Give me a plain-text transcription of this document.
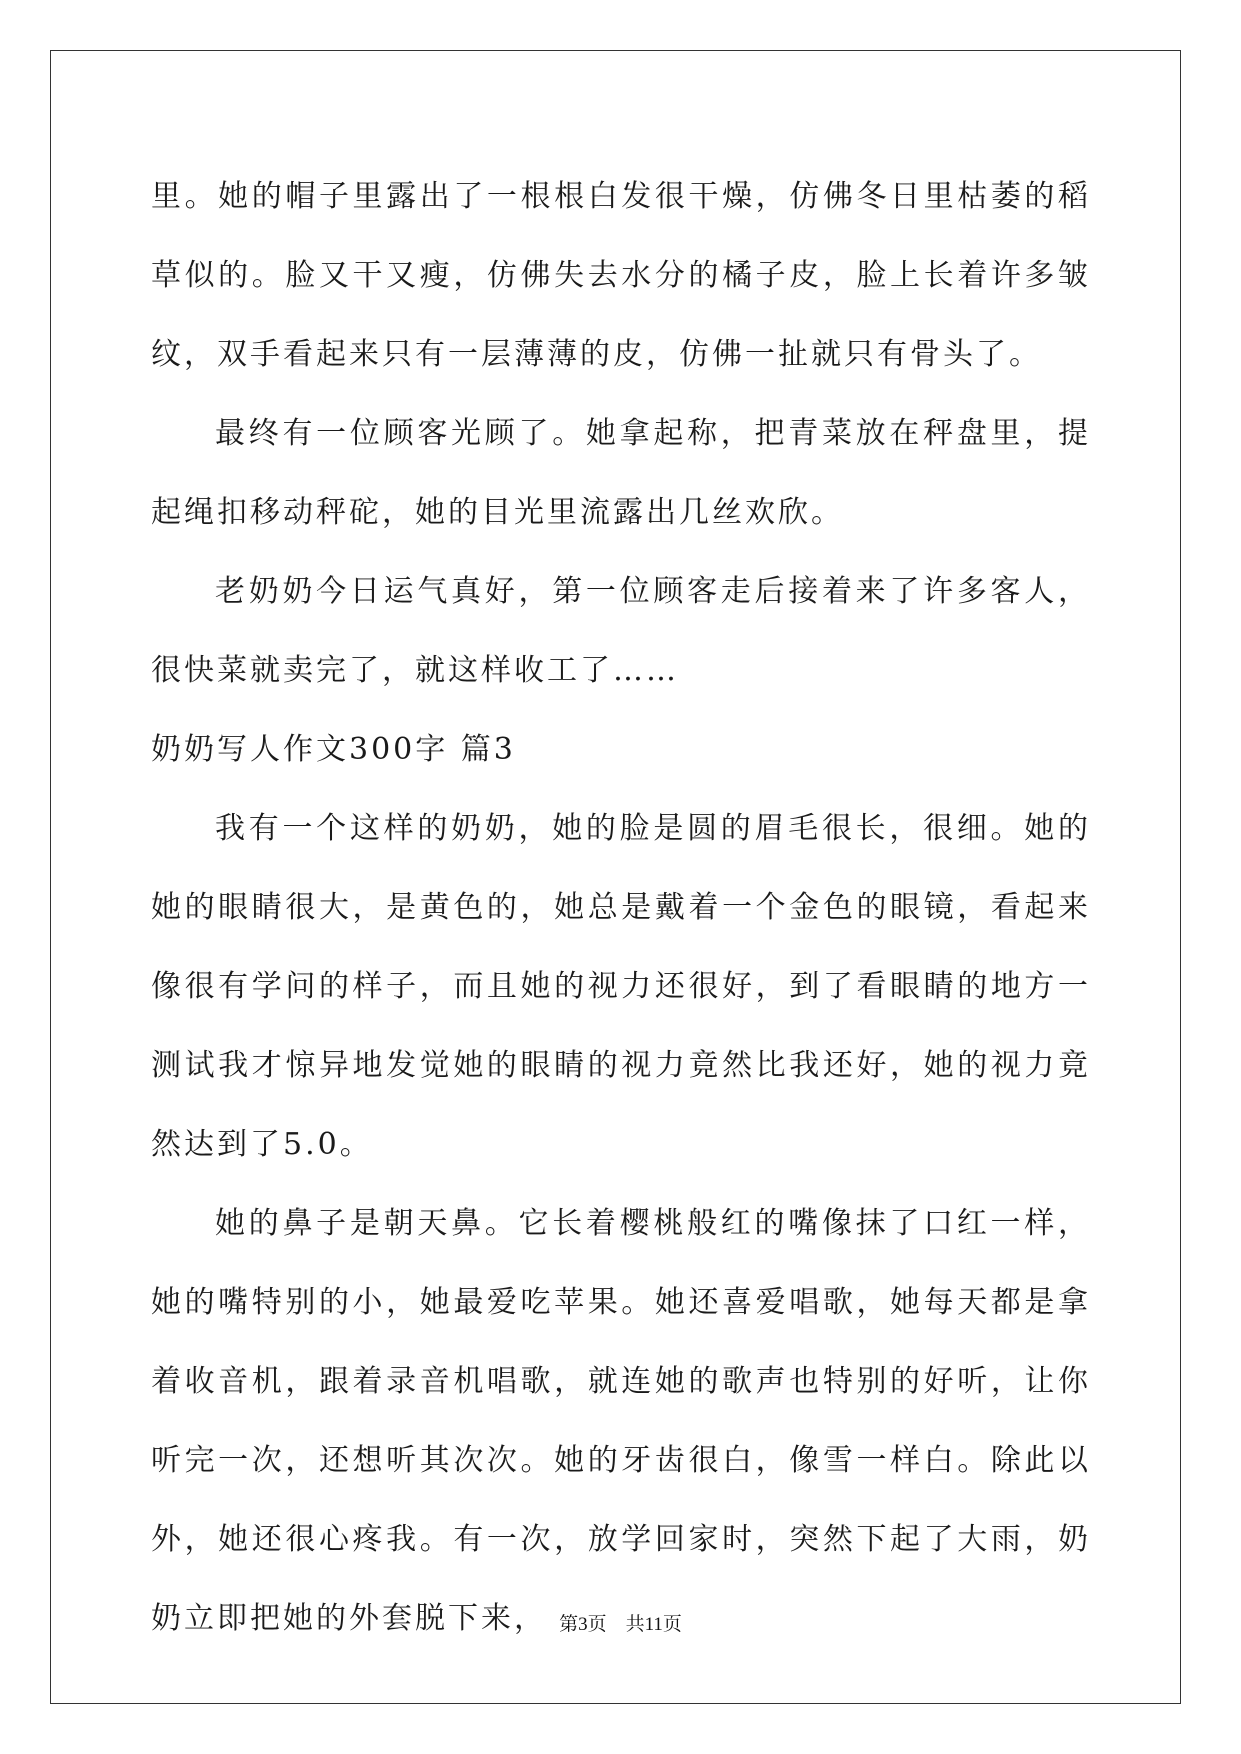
里。她的帽子里露出了一根根白发很干燥，仿佛冬日里枯萎的稻草似的。脸又干又瘦，仿佛失去水分的橘子皮，脸上长着许多皱纹，双手看起来只有一层薄薄的皮，仿佛一扯就只有骨头了。

最终有一位顾客光顾了。她拿起称，把青菜放在秤盘里，提起绳扣移动秤砣，她的目光里流露出几丝欢欣。

老奶奶今日运气真好，第一位顾客走后接着来了许多客人，很快菜就卖完了，就这样收工了……

奶奶写人作文300字 篇3

我有一个这样的奶奶，她的脸是圆的眉毛很长，很细。她的她的眼睛很大，是黄色的，她总是戴着一个金色的眼镜，看起来像很有学问的样子，而且她的视力还很好，到了看眼睛的地方一测试我才惊异地发觉她的眼睛的视力竟然比我还好，她的视力竟然达到了5.0。

她的鼻子是朝天鼻。它长着樱桃般红的嘴像抹了口红一样，她的嘴特别的小，她最爱吃苹果。她还喜爱唱歌，她每天都是拿着收音机，跟着录音机唱歌，就连她的歌声也特别的好听，让你听完一次，还想听其次次。她的牙齿很白，像雪一样白。除此以外，她还很心疼我。有一次，放学回家时，突然下起了大雨，奶奶立即把她的外套脱下来， 第3页 共11页
